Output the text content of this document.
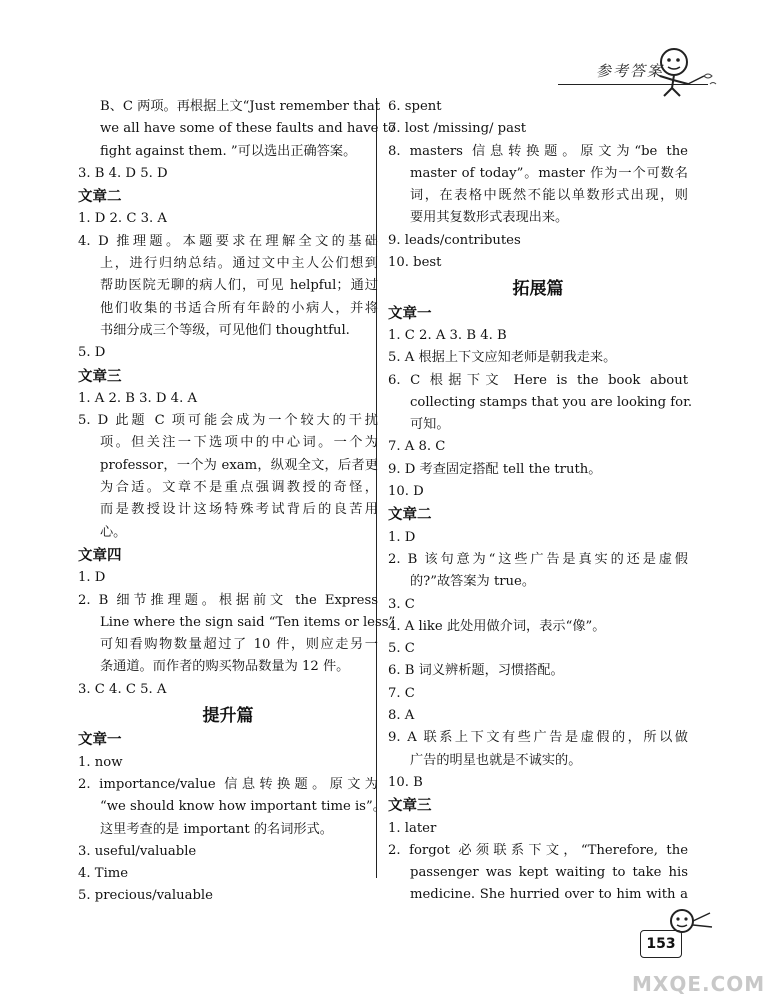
参考答案
B、C 两项。再根据上文“Just remember that
we all have some of these faults and have to
fight against them. ”可以选出正确答案。
3. B 4. D 5. D
文章二
1. D 2. C 3. A
4. D 推理题。本题要求在理解全文的基础
上，进行归纳总结。通过文中主人公们想到
帮助医院无聊的病人们，可见 helpful；通过
他们收集的书适合所有年龄的小病人，并将
书细分成三个等级，可见他们 thoughtful.
5. D
文章三
1. A 2. B 3. D 4. A
5. D 此题 C 项可能会成为一个较大的干扰
项。但关注一下选项中的中心词。一个为
professor，一个为 exam，纵观全文，后者更
为合适。文章不是重点强调教授的奇怪，
而是教授设计这场特殊考试背后的良苦用
心。
文章四
1. D
2. B 细节推理题。根据前文 the Express
Line where the sign said “Ten items or less”
可知看购物数量超过了 10 件，则应走另一
条通道。而作者的购买物品数量为 12 件。
3. C 4. C 5. A
提升篇
文章一
1. now
2. importance/value 信息转换题。原文为
“we should know how important time is”。
这里考查的是 important 的名词形式。
3. useful/valuable
4. Time
5. precious/valuable
6. spent
7. lost /missing/ past
8. masters 信息转换题。原文为“be the
master of today”。master 作为一个可数名
词，在表格中既然不能以单数形式出现，则
要用其复数形式表现出来。
9. leads/contributes
10. best
拓展篇
文章一
1. C 2. A 3. B 4. B
5. A 根据上下文应知老师是朝我走来。
6. C 根据下文 Here is the book about
collecting stamps that you are looking for.
可知。
7. A 8. C
9. D 考查固定搭配 tell the truth。
10. D
文章二
1. D
2. B 该句意为“这些广告是真实的还是虚假
的?”故答案为 true。
3. C
4. A like 此处用做介词，表示“像”。
5. C
6. B 词义辨析题，习惯搭配。
7. C
8. A
9. A 联系上下文有些广告是虚假的，所以做
广告的明星也就是不诚实的。
10. B
文章三
1. later
2. forgot 必须联系下文，“Therefore, the
passenger was kept waiting to take his
medicine. She hurried over to him with a
153
MXQE.COM
